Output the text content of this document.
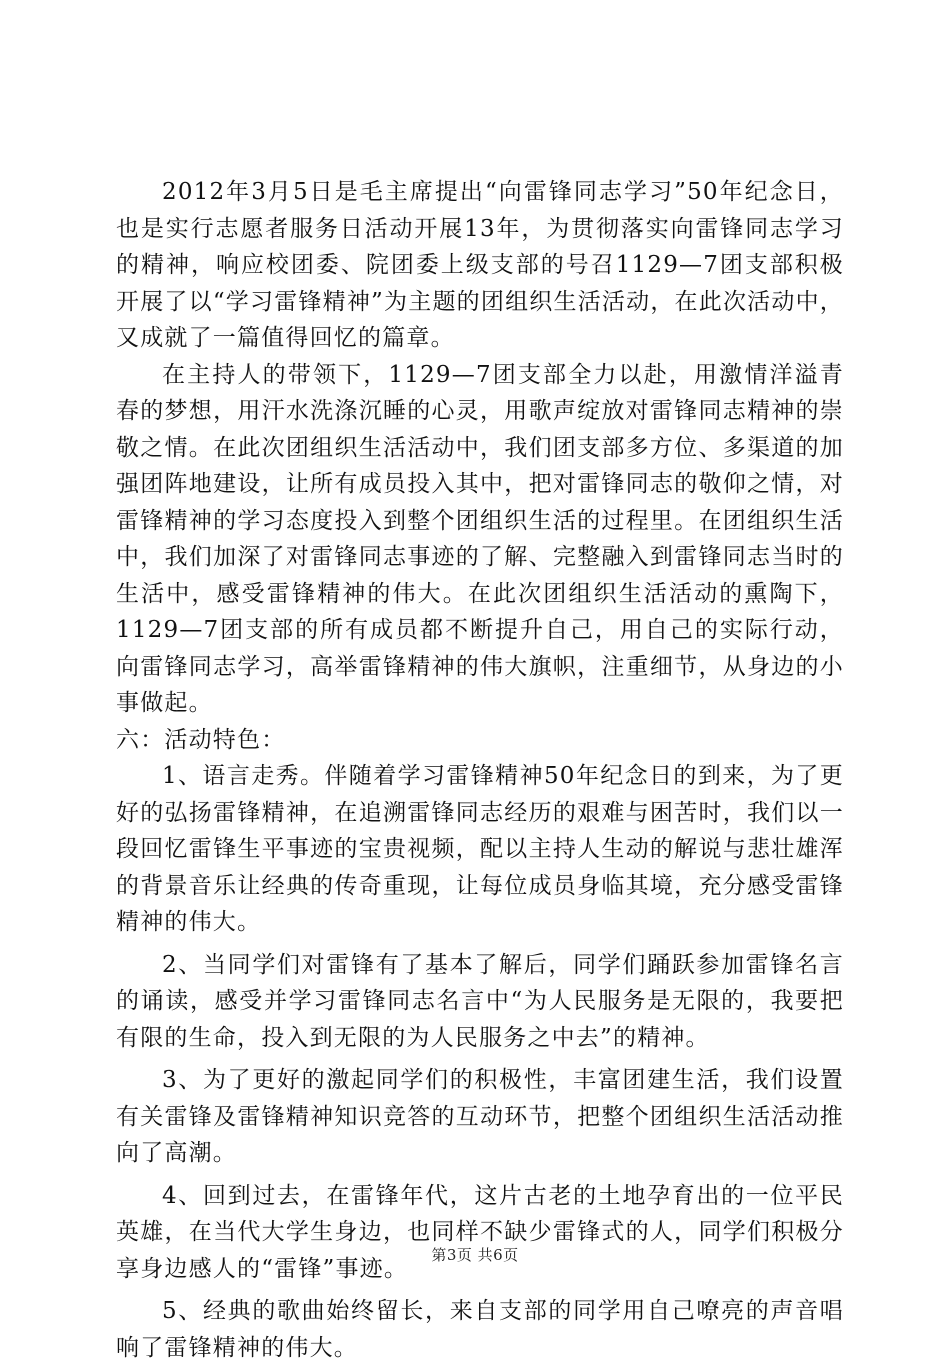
2012年3月5日是毛主席提出“向雷锋同志学习”50年纪念日，也是实行志愿者服务日活动开展13年，为贯彻落实向雷锋同志学习的精神，响应校团委、院团委上级支部的号召1129—7团支部积极开展了以“学习雷锋精神”为主题的团组织生活活动，在此次活动中，又成就了一篇值得回忆的篇章。

在主持人的带领下，1129—7团支部全力以赴，用激情洋溢青春的梦想，用汗水洗涤沉睡的心灵，用歌声绽放对雷锋同志精神的崇敬之情。在此次团组织生活活动中，我们团支部多方位、多渠道的加强团阵地建设，让所有成员投入其中，把对雷锋同志的敬仰之情，对雷锋精神的学习态度投入到整个团组织生活的过程里。在团组织生活中，我们加深了对雷锋同志事迹的了解、完整融入到雷锋同志当时的生活中，感受雷锋精神的伟大。在此次团组织生活活动的熏陶下，1129—7团支部的所有成员都不断提升自己，用自己的实际行动，向雷锋同志学习，高举雷锋精神的伟大旗帜，注重细节，从身边的小事做起。

六：活动特色：

1、语言走秀。伴随着学习雷锋精神50年纪念日的到来，为了更好的弘扬雷锋精神，在追溯雷锋同志经历的艰难与困苦时，我们以一段回忆雷锋生平事迹的宝贵视频，配以主持人生动的解说与悲壮雄浑的背景音乐让经典的传奇重现，让每位成员身临其境，充分感受雷锋精神的伟大。

2、当同学们对雷锋有了基本了解后，同学们踊跃参加雷锋名言的诵读，感受并学习雷锋同志名言中“为人民服务是无限的，我要把有限的生命，投入到无限的为人民服务之中去”的精神。

3、为了更好的激起同学们的积极性，丰富团建生活，我们设置有关雷锋及雷锋精神知识竞答的互动环节，把整个团组织生活活动推向了高潮。

4、回到过去，在雷锋年代，这片古老的土地孕育出的一位平民英雄，在当代大学生身边，也同样不缺少雷锋式的人，同学们积极分享身边感人的“雷锋”事迹。

5、经典的歌曲始终留长，来自支部的同学用自己嘹亮的声音唱响了雷锋精神的伟大。

第3页 共6页
